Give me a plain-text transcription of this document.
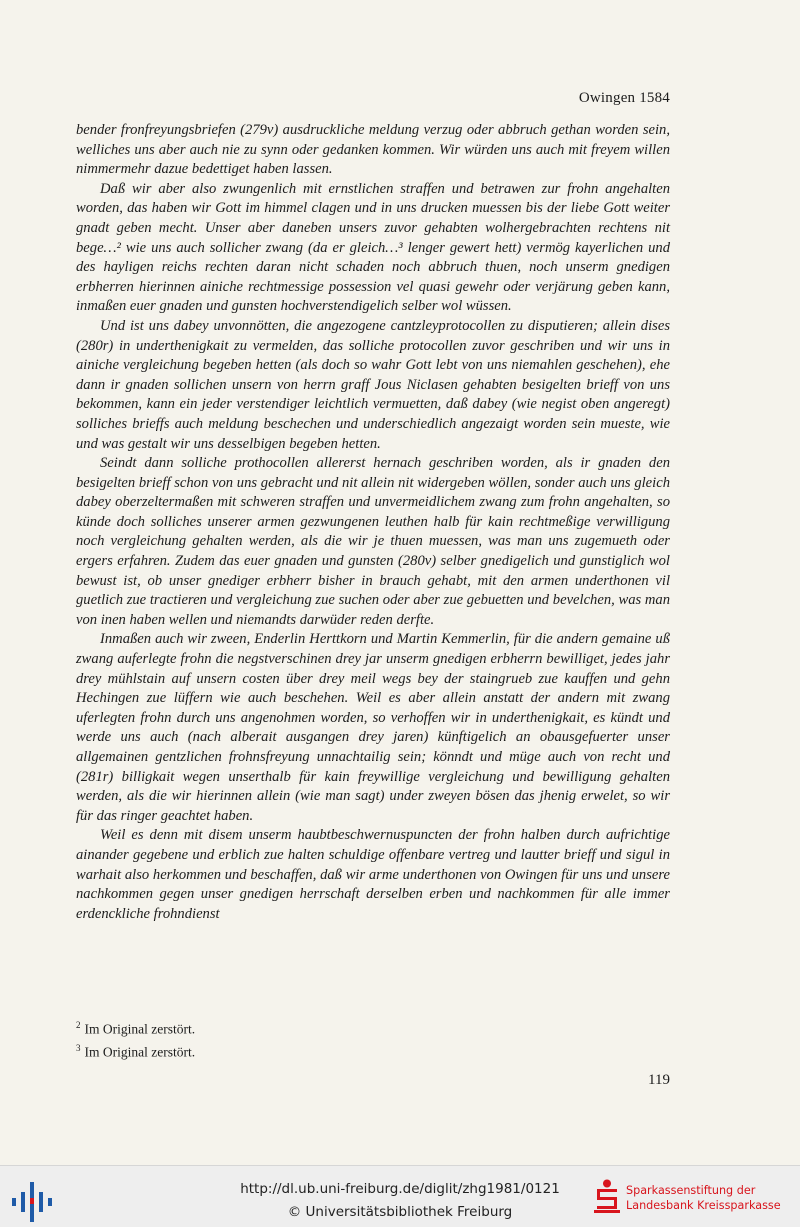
Owingen 1584

bender fronfreyungsbriefen (279v) ausdruckliche meldung verzug oder abbruch gethan worden sein, welliches uns aber auch nie zu synn oder gedanken kommen. Wir würden uns auch mit freyem willen nimmermehr dazue bedettiget haben lassen.

Daß wir aber also zwungenlich mit ernstlichen straffen und betrawen zur frohn angehalten worden, das haben wir Gott im himmel clagen und in uns drucken muessen bis der liebe Gott weiter gnadt geben mecht. Unser aber daneben unsers zuvor gehabten wolhergebrachten rechtens nit bege…² wie uns auch sollicher zwang (da er gleich…³ lenger gewert hett) vermög kayerlichen und des hayligen reichs rechten daran nicht schaden noch abbruch thuen, noch unserm gnedigen erbherren hierinnen ainiche rechtmessige possession vel quasi gewehr oder verjärung geben kann, inmaßen euer gnaden und gunsten hochverstendigelich selber wol wüssen.

Und ist uns dabey unvonnötten, die angezogene cantzleyprotocollen zu disputieren; allein dises (280r) in underthenigkait zu vermelden, das solliche protocollen zuvor geschriben und wir uns in ainiche vergleichung begeben hetten (als doch so wahr Gott lebt von uns niemahlen geschehen), ehe dann ir gnaden sollichen unsern von herrn graff Jous Niclasen gehabten besigelten brieff von uns bekommen, kann ein jeder verstendiger leichtlich vermuetten, daß dabey (wie negist oben angeregt) solliches brieffs auch meldung beschechen und underschiedlich angezaigt worden sein mueste, wie und was gestalt wir uns desselbigen begeben hetten.

Seindt dann solliche prothocollen allererst hernach geschriben worden, als ir gnaden den besigelten brieff schon von uns gebracht und nit allein nit widergeben wöllen, sonder auch uns gleich dabey oberzeltermaßen mit schweren straffen und unvermeidlichem zwang zum frohn angehalten, so künde doch solliches unserer armen gezwungenen leuthen halb für kain rechtmeßige verwilligung noch vergleichung gehalten werden, als die wir je thuen muessen, was man uns zugemueth oder ergers erfahren. Zudem das euer gnaden und gunsten (280v) selber gnedigelich und gunstiglich wol bewust ist, ob unser gnediger erbherr bisher in brauch gehabt, mit den armen underthonen vil guetlich zue tractieren und vergleichung zue suchen oder aber zue gebuetten und bevelchen, was man von inen haben wellen und niemandts darwüder reden derfte.

Inmaßen auch wir zween, Enderlin Herttkorn und Martin Kemmerlin, für die andern gemaine uß zwang auferlegte frohn die negstverschinen drey jar unserm gnedigen erbherrn bewilliget, jedes jahr drey mühlstain auf unsern costen über drey meil wegs bey der staingrueb zue kauffen und gehn Hechingen zue lüffern wie auch beschehen. Weil es aber allein anstatt der andern mit zwang uferlegten frohn durch uns angenohmen worden, so verhoffen wir in underthenigkait, es kündt und werde uns auch (nach alberait ausgangen drey jaren) künftigelich an obausgefuerter unser allgemainen gentzlichen frohnsfreyung unnachtailig sein; könndt und müge auch von recht und (281r) billigkait wegen unserthalb für kain freywillige vergleichung und bewilligung gehalten werden, als die wir hierinnen allein (wie man sagt) under zweyen bösen das jhenig erwelet, so wir für das ringer geachtet haben.

Weil es denn mit disem unserm haubtbeschwernuspuncten der frohn halben durch aufrichtige ainander gegebene und erblich zue halten schuldige offenbare vertreg und lautter brieff und sigul in warhait also herkommen und beschaffen, daß wir arme underthonen von Owingen für uns und unsere nachkommen gegen unser gnedigen herrschaft derselben erben und nachkommen für alle immer erdenckliche frohndienst

$^2$ Im Original zerstört.

$^3$ Im Original zerstört.

119
http://dl.ub.uni-freiburg.de/diglit/zhg1981/0121
© Universitätsbibliothek Freiburg
Sparkassenstiftung der
Landesbank Kreissparkasse
